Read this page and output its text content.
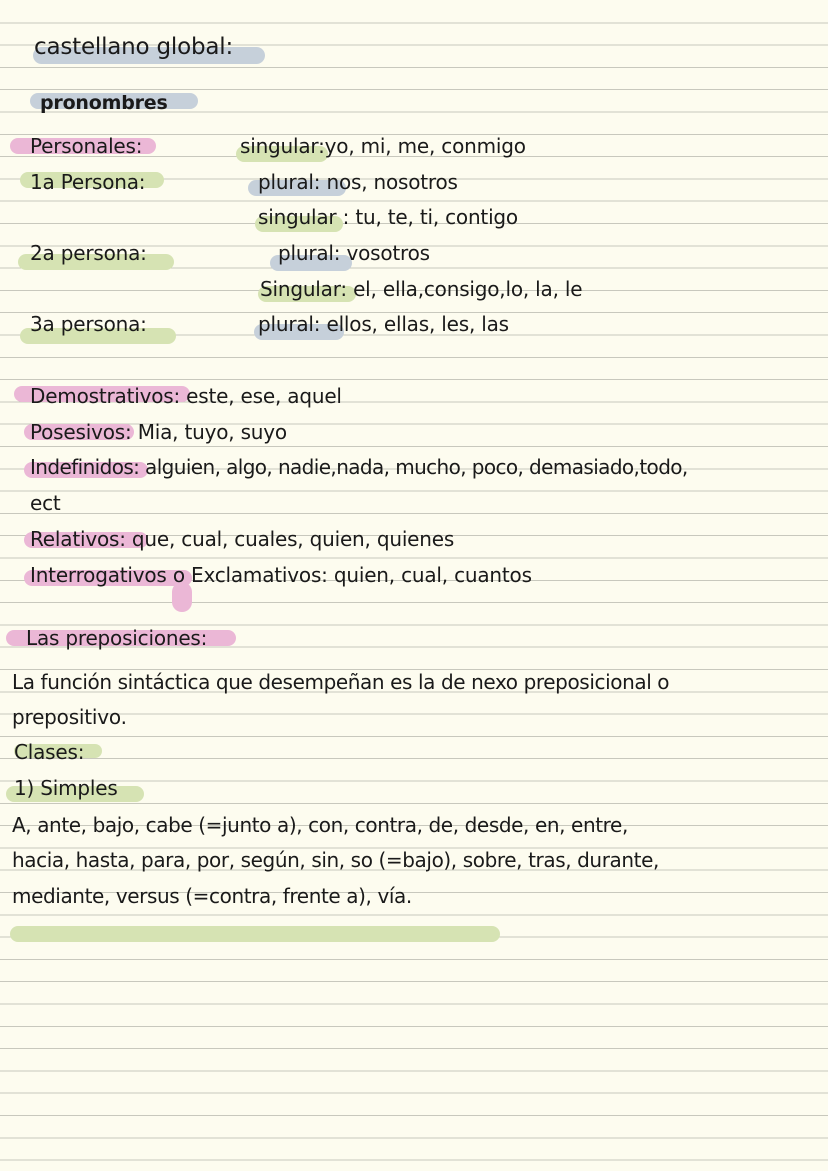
castellano global:
pronombres
Personales:	singular:yo, mi, me, conmigo
1a Persona:	plural: nos, nosotros
singular : tu, te, ti, contigo
2a persona:	plural: vosotros
Singular: el, ella,consigo,lo, la, le
3a persona:	plural: ellos, ellas, les, las
Demostrativos: este, ese, aquel
Posesivos: Mia, tuyo, suyo
Indefinidos: alguien, algo, nadie,nada, mucho, poco, demasiado,todo,
ect
Relativos: que, cual, cuales, quien, quienes
Interrogativos o Exclamativos: quien, cual, cuantos
Las preposiciones:
La función sintáctica que desempeñan es la de nexo preposicional o
prepositivo.
Clases:
1) Simples
A, ante, bajo, cabe (=junto a), con, contra, de, desde, en, entre,
hacia, hasta, para, por, según, sin, so (=bajo), sobre, tras, durante,
mediante, versus (=contra, frente a), vía.
